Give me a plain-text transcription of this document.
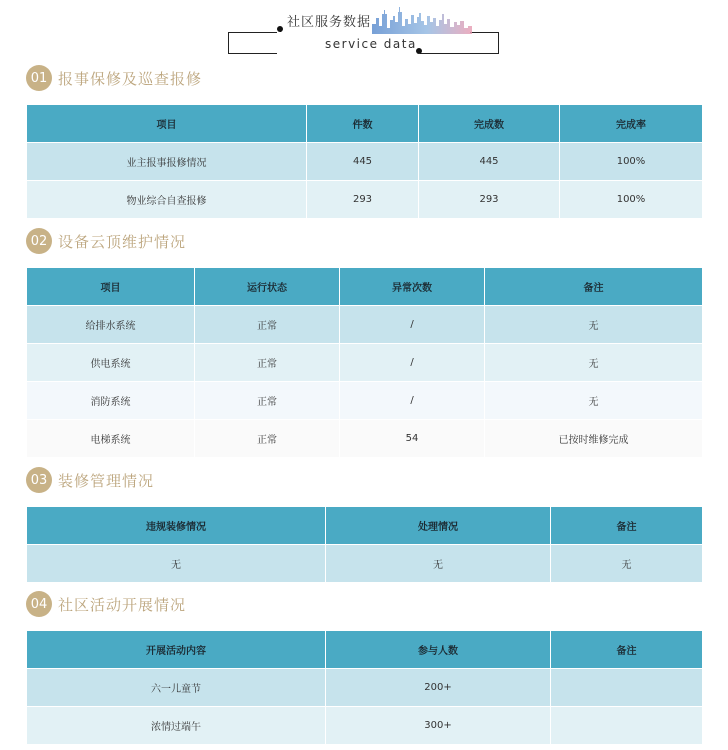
社区服务数据
service data
01 报事保修及巡查报修
项目	件数	完成数	完成率
业主报事报修情况	445	445	100%
物业综合自查报修	293	293	100%
02 设备云顶维护情况
项目	运行状态	异常次数	备注
给排水系统	正常	/	无
供电系统	正常	/	无
消防系统	正常	/	无
电梯系统	正常	54	已按时维修完成
03 装修管理情况
违规装修情况	处理情况	备注
无	无	无
04 社区活动开展情况
开展活动内容	参与人数	备注
六一儿童节	200+	
浓情过端午	300+	
